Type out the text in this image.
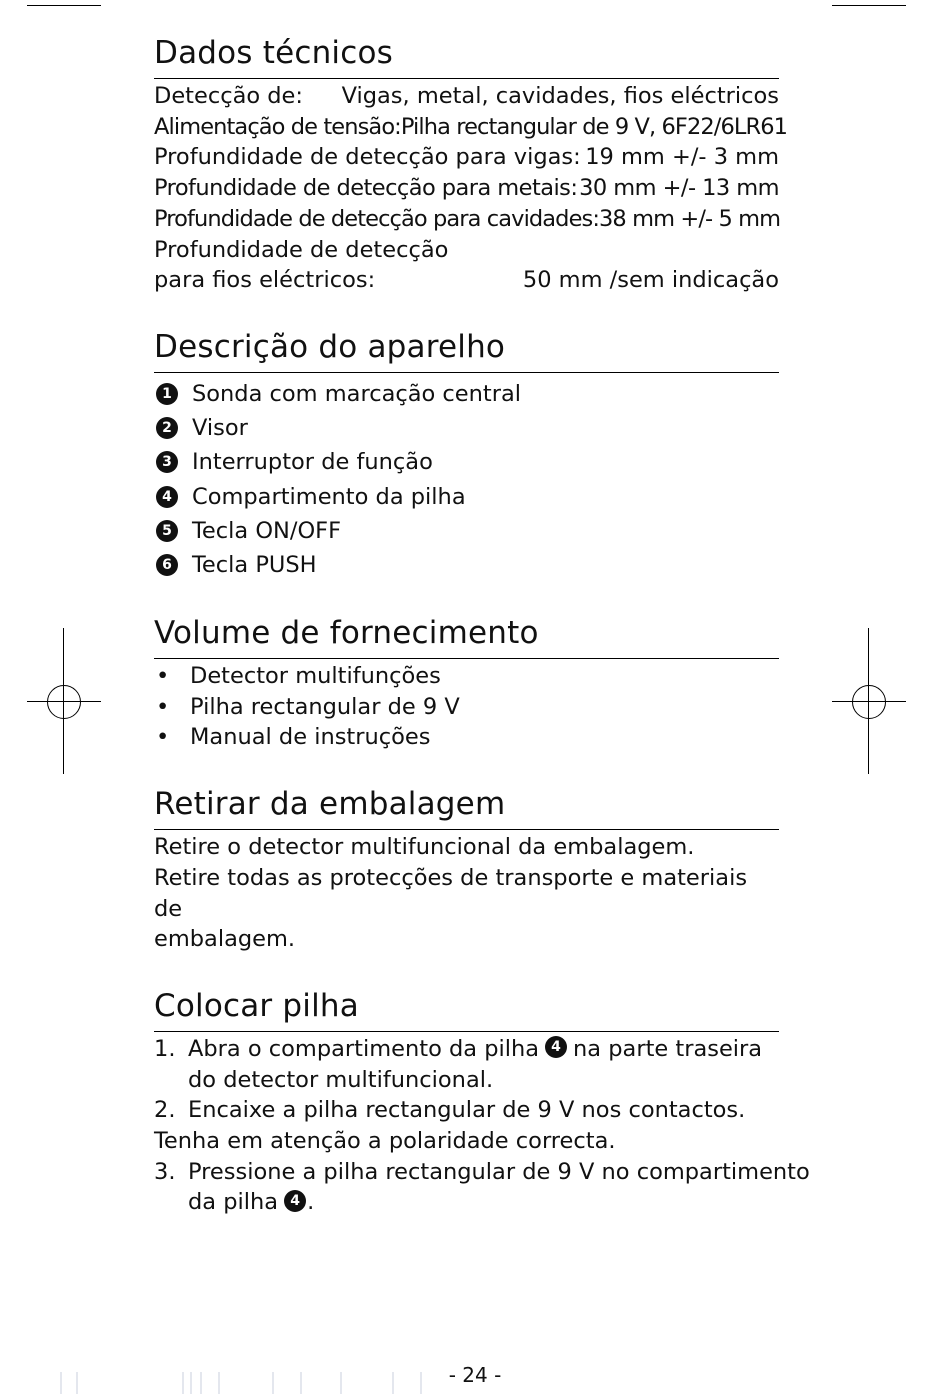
Dados técnicos
Detecção de:	Vigas, metal, cavidades, fios eléctricos
Alimentação de tensão: Pilha rectangular de 9 V, 6F22/6LR61
Profundidade de detecção para vigas: 19 mm +/- 3 mm
Profundidade de detecção para metais: 30 mm +/- 13 mm
Profundidade de detecção para cavidades: 38 mm +/- 5 mm
Profundidade de detecção
para fios eléctricos:	50 mm /sem indicação
Descrição do aparelho
1 Sonda com marcação central
2 Visor
3 Interruptor de função
4 Compartimento da pilha
5 Tecla ON/OFF
6 Tecla PUSH
Volume de fornecimento
• Detector multifunções
• Pilha rectangular de 9 V
• Manual de instruções
Retirar da embalagem
Retire o detector multifuncional da embalagem.
Retire todas as protecções de transporte e materiais de
embalagem.
Colocar pilha
1. Abra o compartimento da pilha 4 na parte traseira
do detector multifuncional.
2. Encaixe a pilha rectangular de 9 V nos contactos.
Tenha em atenção a polaridade correcta.
3. Pressione a pilha rectangular de 9 V no compartimento
da pilha 4 .
- 24 -
